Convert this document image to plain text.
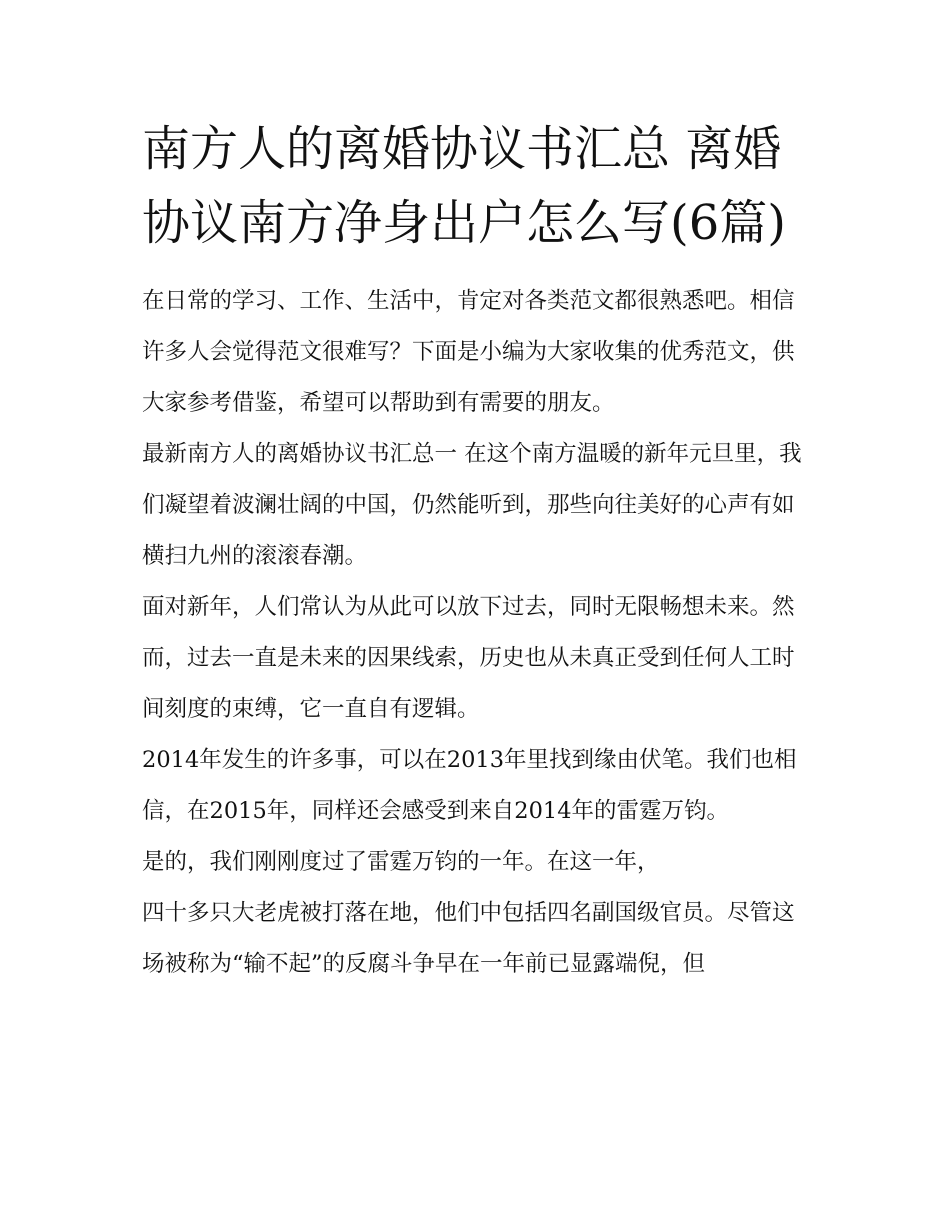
南方人的离婚协议书汇总 离婚协议南方净身出户怎么写(6篇)

在日常的学习、工作、生活中，肯定对各类范文都很熟悉吧。相信许多人会觉得范文很难写？下面是小编为大家收集的优秀范文，供大家参考借鉴，希望可以帮助到有需要的朋友。

最新南方人的离婚协议书汇总一 在这个南方温暖的新年元旦里，我们凝望着波澜壮阔的中国，仍然能听到，那些向往美好的心声有如横扫九州的滚滚春潮。

面对新年，人们常认为从此可以放下过去，同时无限畅想未来。然而，过去一直是未来的因果线索，历史也从未真正受到任何人工时间刻度的束缚，它一直自有逻辑。

2014年发生的许多事，可以在2013年里找到缘由伏笔。我们也相信，在2015年，同样还会感受到来自2014年的雷霆万钧。

是的，我们刚刚度过了雷霆万钧的一年。在这一年，

四十多只大老虎被打落在地，他们中包括四名副国级官员。尽管这场被称为“输不起”的反腐斗争早在一年前已显露端倪，但
